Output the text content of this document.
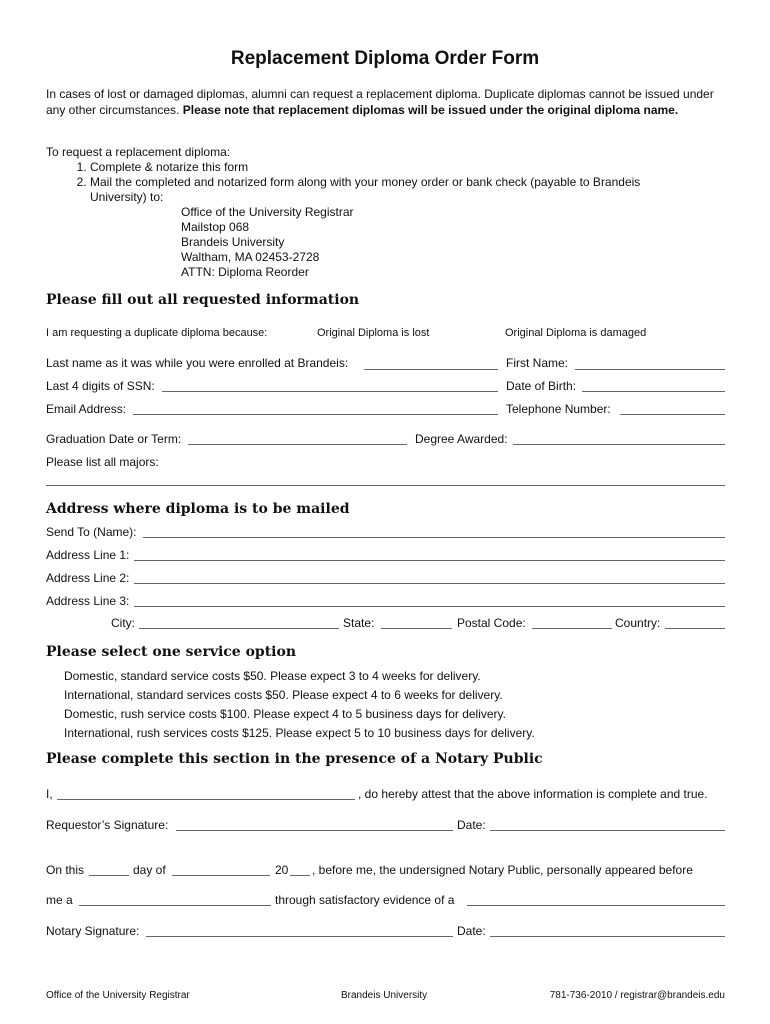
Replacement Diploma Order Form
In cases of lost or damaged diplomas, alumni can request a replacement diploma. Duplicate diplomas cannot be issued under any other circumstances. Please note that replacement diplomas will be issued under the original diploma name.
To request a replacement diploma:
1. Complete & notarize this form
2. Mail the completed and notarized form along with your money order or bank check (payable to Brandeis University) to:
Office of the University Registrar
Mailstop 068
Brandeis University
Waltham, MA 02453-2728
ATTN: Diploma Reorder
Please fill out all requested information
I am requesting a duplicate diploma because:	Original Diploma is lost	Original Diploma is damaged
Last name as it was while you were enrolled at Brandeis:	First Name:
Last 4 digits of SSN:	Date of Birth:
Email Address:	Telephone Number:
Graduation Date or Term:	Degree Awarded:
Please list all majors:
Address where diploma is to be mailed
Send To (Name):
Address Line 1:
Address Line 2:
Address Line 3:
City:	State:	Postal Code:	Country:
Please select one service option
Domestic, standard service costs $50. Please expect 3 to 4 weeks for delivery.
International, standard services costs $50. Please expect 4 to 6 weeks for delivery.
Domestic, rush service costs $100. Please expect 4 to 5 business days for delivery.
International, rush services costs $125. Please expect 5 to 10 business days for delivery.
Please complete this section in the presence of a Notary Public
I,	, do hereby attest that the above information is complete and true.
Requestor’s Signature:	Date:
On this	day of	20 , before me, the undersigned Notary Public, personally appeared before
me a	through satisfactory evidence of a
Notary Signature:	Date:
Office of the University Registrar	Brandeis University	781-736-2010 / registrar@brandeis.edu
